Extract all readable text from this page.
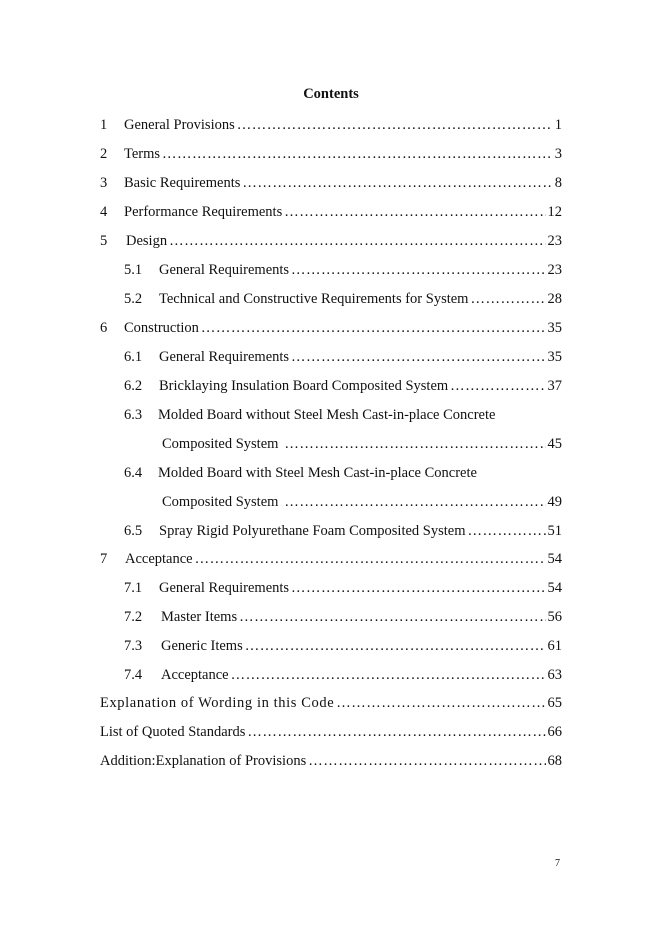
Contents
1	General Provisions ………………………………………………………………………………………………………………………………………………………………	1
2	Terms ………………………………………………………………………………………………………………………………………………………………	3
3	Basic Requirements ………………………………………………………………………………………………………………………………………………………………	8
4	Performance Requirements ………………………………………………………………………………………………………………………………………………………………	12
5	Design ………………………………………………………………………………………………………………………………………………………………	23
5.1	General Requirements ………………………………………………………………………………………………………………………………………………………………	23
5.2	Technical and Constructive Requirements for System ………………………………………………………………………………………………………………………………………………………………	28
6	Construction ………………………………………………………………………………………………………………………………………………………………	35
6.1	General Requirements ………………………………………………………………………………………………………………………………………………………………	35
6.2	Bricklaying Insulation Board Composited System ………………………………………………………………………………………………………………………………………………………………	37
6.3	Molded Board without Steel Mesh Cast-in-place Concrete
Composited System ………………………………………………………………………………………………………………………………………………………………	45
6.4	Molded Board with Steel Mesh Cast-in-place Concrete
Composited System ………………………………………………………………………………………………………………………………………………………………	49
6.5	Spray Rigid Polyurethane Foam Composited System ………………………………………………………………………………………………………………………………………………………………	51
7	Acceptance ………………………………………………………………………………………………………………………………………………………………	54
7.1	General Requirements ………………………………………………………………………………………………………………………………………………………………	54
7.2	Master Items ………………………………………………………………………………………………………………………………………………………………	56
7.3	Generic Items ………………………………………………………………………………………………………………………………………………………………	61
7.4	Acceptance ………………………………………………………………………………………………………………………………………………………………	63
Explanation of Wording in this Code ………………………………………………………………………………………………………………………………………………………………	65
List of Quoted Standards ………………………………………………………………………………………………………………………………………………………………	66
Addition:Explanation of Provisions ………………………………………………………………………………………………………………………………………………………………	68
7
